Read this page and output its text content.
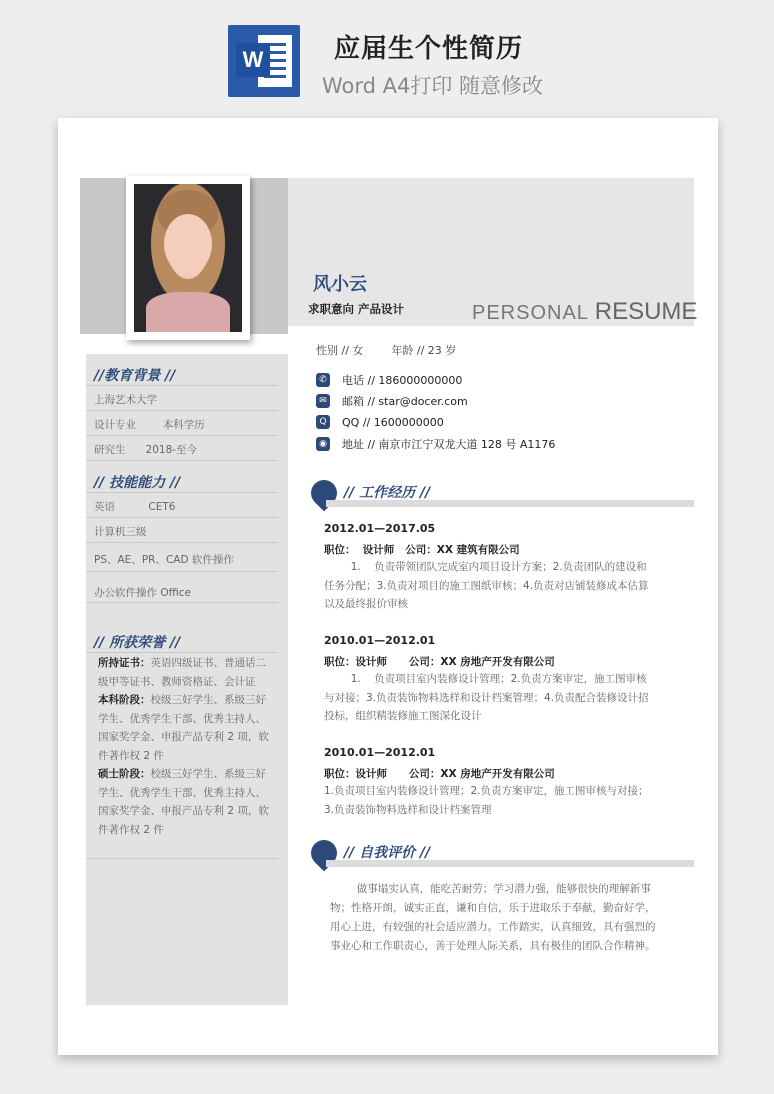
W	应届生个性简历
Word A4打印 随意修改
风小云
求职意向 产品设计	PERSONAL RESUME
性别 // 女        年龄 // 23 岁
✆ 电话 // 186000000000
✉ 邮箱 // star@docer.com
Q	QQ // 1600000000
◉ 地址 // 南京市江宁双龙大道 128 号 A1176
//教育背景 //
上海艺术大学
设计专业        本科学历
研究生      2018-至今
// 技能能力 //
英语          CET6
计算机三级
PS、AE、PR、CAD 软件操作
办公软件操作 Office
// 所获荣誉 //
所持证书：英语四级证书、普通话二级甲等证书、教师资格证、会计证
本科阶段：校级三好学生、系级三好学生、优秀学生干部、优秀主持人、国家奖学金、申报产品专利 2 项，软件著作权 2 件
硕士阶段：校级三好学生、系级三好学生、优秀学生干部、优秀主持人、国家奖学金、申报产品专利 2 项，软件著作权 2 件
// 工作经历 //
2012.01—2017.05
职位：  设计师   公司：XX 建筑有限公司
1.    负责带领团队完成室内项目设计方案；2.负责团队的建设和任务分配；3.负责对项目的施工图纸审核；4.负责对店铺装修成本估算以及最终报价审核
2010.01—2012.01
职位：设计师      公司：XX 房地产开发有限公司
1.    负责项目室内装修设计管理；2.负责方案审定，施工图审核与对接；3.负责装饰物料选样和设计档案管理；4.负责配合装修设计招投标，组织精装修施工图深化设计
2010.01—2012.01
职位：设计师      公司：XX 房地产开发有限公司
1.负责项目室内装修设计管理；2.负责方案审定，施工图审核与对接；3.负责装饰物料选样和设计档案管理
// 自我评价 //
做事塌实认真，能吃苦耐劳；学习潜力强，能够很快的理解新事物；性格开朗，诚实正直，谦和自信，乐于进取乐于奉献，勤奋好学，用心上进，有较强的社会适应潜力。工作踏实，认真细致，具有强烈的事业心和工作职责心，善于处理人际关系，具有极佳的团队合作精神。
